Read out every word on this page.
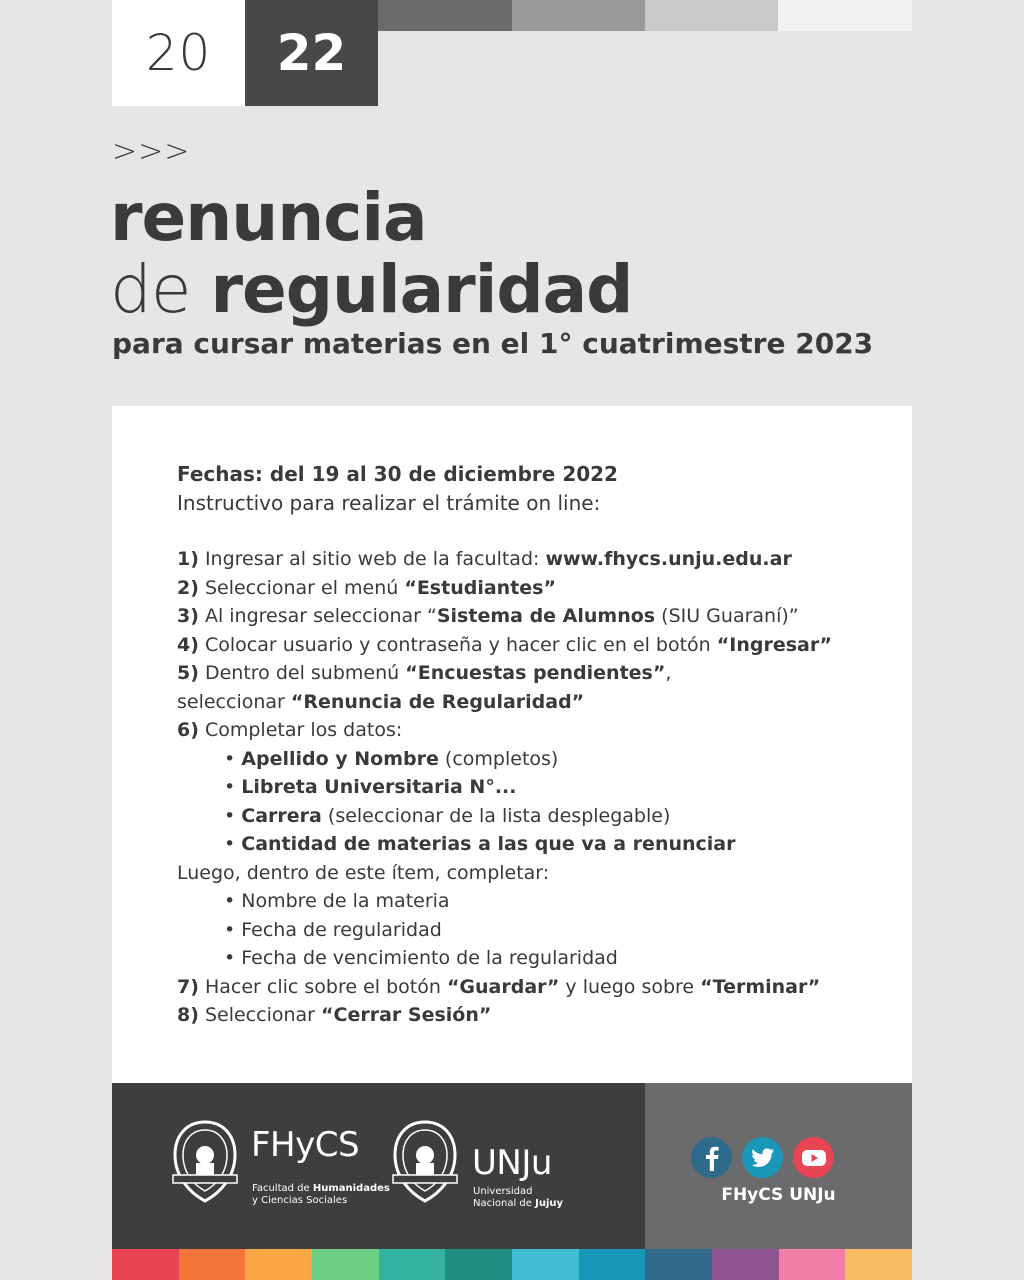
20	22
>>>
renuncia
de regularidad
para cursar materias en el 1° cuatrimestre 2023
Fechas: del 19 al 30 de diciembre 2022
Instructivo para realizar el trámite on line:
1) Ingresar al sitio web de la facultad: www.fhycs.unju.edu.ar
2) Seleccionar el menú “Estudiantes”
3) Al ingresar seleccionar “Sistema de Alumnos (SIU Guaraní)”
4) Colocar usuario y contraseña y hacer clic en el botón “Ingresar”
5) Dentro del submenú “Encuestas pendientes”,
seleccionar “Renuncia de Regularidad”
6) Completar los datos:
• Apellido y Nombre (completos)
• Libreta Universitaria N°...
• Carrera (seleccionar de la lista desplegable)
• Cantidad de materias a las que va a renunciar
Luego, dentro de este ítem, completar:
• Nombre de la materia
• Fecha de regularidad
• Fecha de vencimiento de la regularidad
7) Hacer clic sobre el botón “Guardar” y luego sobre “Terminar”
8) Seleccionar “Cerrar Sesión”
FHyCS
Facultad de Humanidades
y Ciencias Sociales
UNJu
Universidad
Nacional de Jujuy	FHyCS UNJu
